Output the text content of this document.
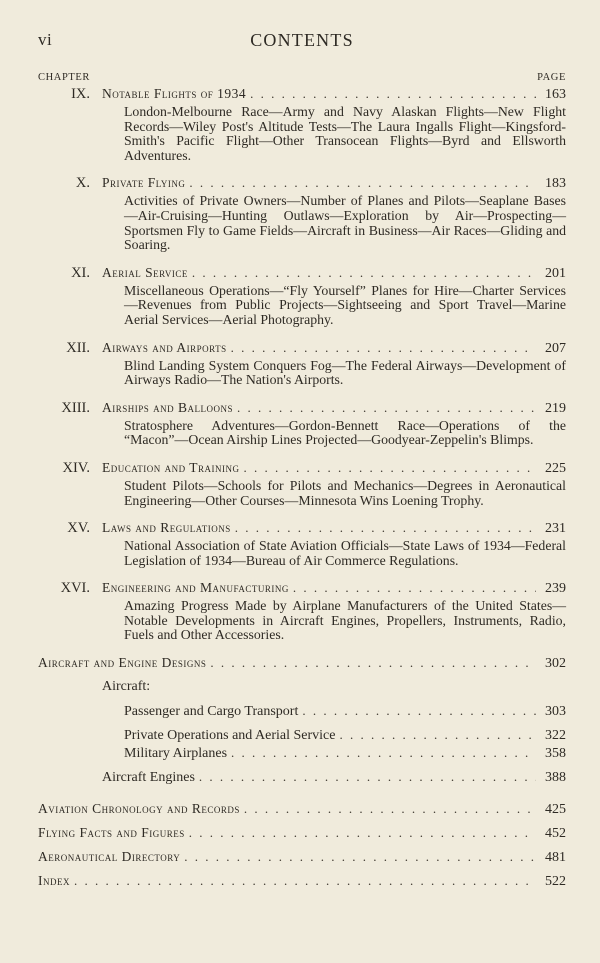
vi	CONTENTS
CHAPTER	PAGE
IX. Notable Flights of 1934 . . .	163
London-Melbourne Race—Army and Navy Alaskan Flights—New Flight Records—Wiley Post's Altitude Tests—The Laura Ingalls Flight—Kingsford-Smith's Pacific Flight—Other Transocean Flights—Byrd and Ellsworth Adventures.
X. Private Flying . . .	183
Activities of Private Owners—Number of Planes and Pilots—Seaplane Bases—Air-Cruising—Hunting Outlaws—Exploration by Air—Prospecting—Sportsmen Fly to Game Fields—Aircraft in Business—Air Races—Gliding and Soaring.
XI. Aerial Service . . .	201
Miscellaneous Operations—“Fly Yourself” Planes for Hire—Charter Services—Revenues from Public Projects—Sightseeing and Sport Travel—Marine Aerial Services—Aerial Photography.
XII. Airways and Airports . . .	207
Blind Landing System Conquers Fog—The Federal Airways—Development of Airways Radio—The Nation's Airports.
XIII. Airships and Balloons . . .	219
Stratosphere Adventures—Gordon-Bennett Race—Operations of the “Macon”—Ocean Airship Lines Projected—Goodyear-Zeppelin's Blimps.
XIV. Education and Training . . .	225
Student Pilots—Schools for Pilots and Mechanics—Degrees in Aeronautical Engineering—Other Courses—Minnesota Wins Loening Trophy.
XV. Laws and Regulations . . .	231
National Association of State Aviation Officials—State Laws of 1934—Federal Legislation of 1934—Bureau of Air Commerce Regulations.
XVI. Engineering and Manufacturing . . .	239
Amazing Progress Made by Airplane Manufacturers of the United States—Notable Developments in Aircraft Engines, Propellers, Instruments, Radio, Fuels and Other Accessories.
Aircraft and Engine Designs . . .	302
Aircraft:
Passenger and Cargo Transport . . .	303
Private Operations and Aerial Service . . .	322
Military Airplanes . . .	358
Aircraft Engines . . .	388
Aviation Chronology and Records . . .	425
Flying Facts and Figures . . .	452
Aeronautical Directory . . .	481
Index . . .	522
